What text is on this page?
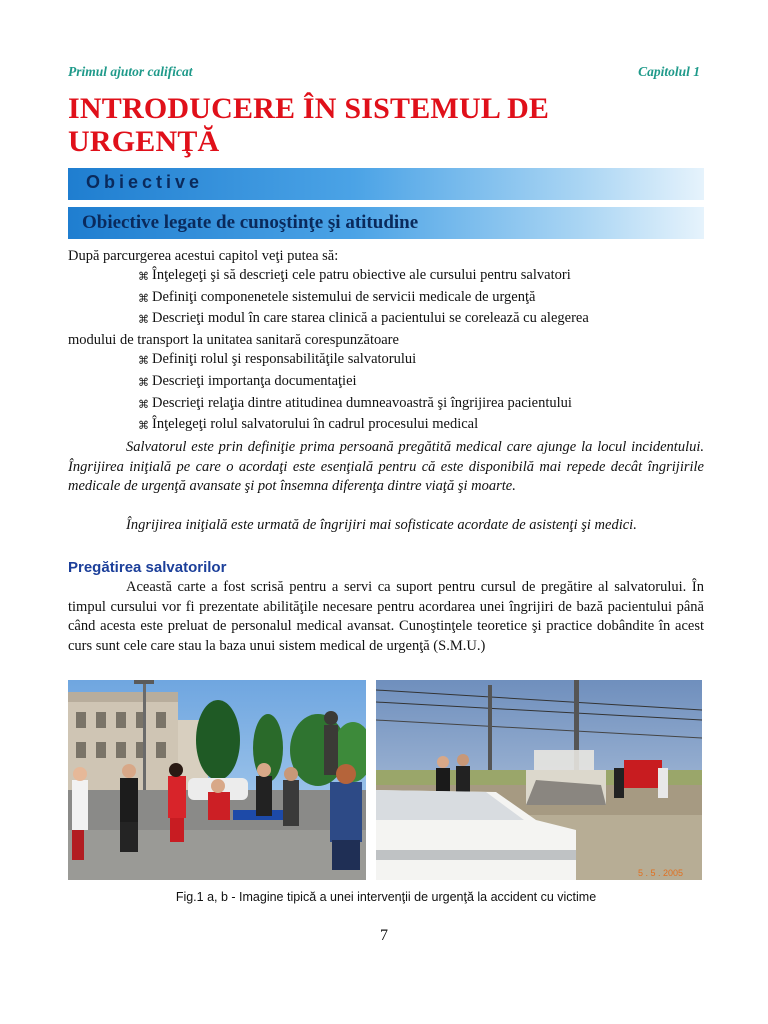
Primul ajutor calificat	Capitolul 1
INTRODUCERE ÎN SISTEMUL DE URGENŢĂ
Obiective
Obiective legate de cunoştinţe şi atitudine
După parcurgerea acestui capitol veţi putea să:
⌘ Înţelegeţi şi să descrieţi cele patru obiective ale cursului pentru salvatori
⌘ Definiţi componenetele sistemului de servicii medicale de urgenţă
⌘ Descrieţi modul în care starea clinică a pacientului se corelează cu alegerea
modului de transport la unitatea sanitară corespunzătoare
⌘ Definiţi rolul şi responsabilităţile salvatorului
⌘ Descrieţi importanţa documentaţiei
⌘ Descrieţi relaţia dintre atitudinea dumneavoastră şi îngrijirea pacientului
⌘ Înţelegeţi rolul salvatorului în cadrul procesului medical
Salvatorul este prin definiţie prima persoană pregătită medical care ajunge la locul incidentului. Îngrijirea iniţială pe care o acordaţi este esenţială pentru că este disponibilă mai repede decât îngrijirile medicale de urgenţă avansate şi pot însemna diferenţa dintre viaţă şi moarte.
Îngrijirea iniţială este urmată de îngrijiri mai sofisticate acordate de asistenţi şi medici.
Pregătirea salvatorilor
Această carte a fost scrisă pentru a servi ca suport pentru cursul de pregătire al salvatorului. În timpul cursului vor fi prezentate abilităţile necesare pentru acordarea unei îngrijiri de bază pacientului până când acesta este preluat de personalul medical avansat. Cunoştinţele teoretice şi practice dobândite în acest curs sunt cele care stau la baza unui sistem medical de urgenţă (S.M.U.)
5 . 5 . 2005
Fig.1 a, b - Imagine tipică a unei intervenţii de urgenţă la accident cu victime
7
